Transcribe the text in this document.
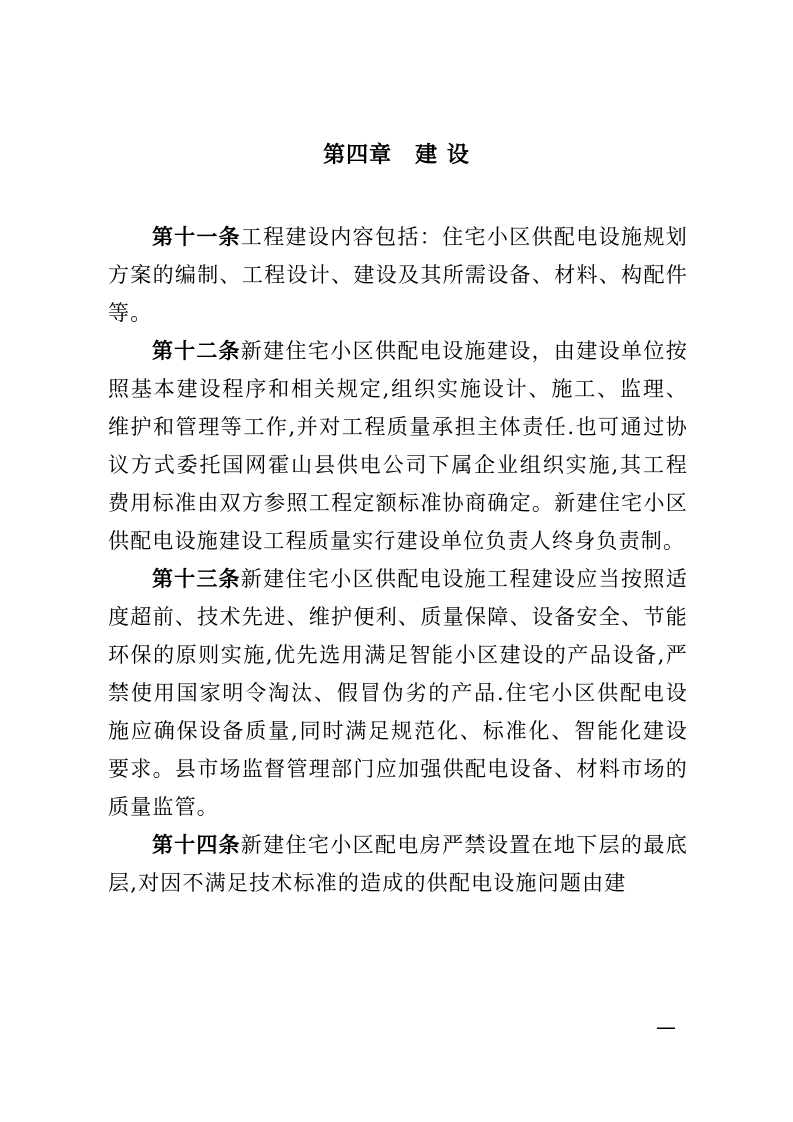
第四章　建 设

第十一条工程建设内容包括：住宅小区供配电设施规划方案的编制、工程设计、建设及其所需设备、材料、构配件等。

第十二条新建住宅小区供配电设施建设，由建设单位按照基本建设程序和相关规定,组织实施设计、施工、监理、维护和管理等工作,并对工程质量承担主体责任.也可通过协议方式委托国网霍山县供电公司下属企业组织实施,其工程费用标准由双方参照工程定额标准协商确定。新建住宅小区供配电设施建设工程质量实行建设单位负责人终身负责制。

第十三条新建住宅小区供配电设施工程建设应当按照适度超前、技术先进、维护便利、质量保障、设备安全、节能环保的原则实施,优先选用满足智能小区建设的产品设备,严禁使用国家明令淘汰、假冒伪劣的产品.住宅小区供配电设施应确保设备质量,同时满足规范化、标准化、智能化建设要求。县市场监督管理部门应加强供配电设备、材料市场的质量监管。

第十四条新建住宅小区配电房严禁设置在地下层的最底层,对因不满足技术标准的造成的供配电设施问题由建

—
